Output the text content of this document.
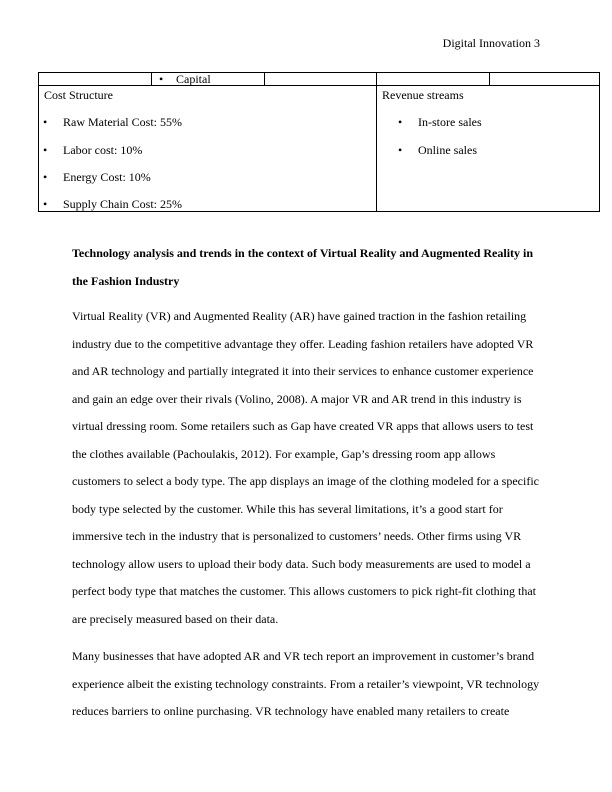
Digital Innovation 3
• Capital
Cost Structure
• Raw Material Cost: 55%
• Labor cost: 10%
• Energy Cost: 10%
• Supply Chain Cost: 25%
Revenue streams
• In-store sales
• Online sales
Technology analysis and trends in the context of Virtual Reality and Augmented Reality in the Fashion Industry
Virtual Reality (VR) and Augmented Reality (AR) have gained traction in the fashion retailing industry due to the competitive advantage they offer. Leading fashion retailers have adopted VR and AR technology and partially integrated it into their services to enhance customer experience and gain an edge over their rivals (Volino, 2008). A major VR and AR trend in this industry is virtual dressing room. Some retailers such as Gap have created VR apps that allows users to test the clothes available (Pachoulakis, 2012). For example, Gap’s dressing room app allows customers to select a body type. The app displays an image of the clothing modeled for a specific body type selected by the customer. While this has several limitations, it’s a good start for immersive tech in the industry that is personalized to customers’ needs. Other firms using VR technology allow users to upload their body data. Such body measurements are used to model a perfect body type that matches the customer. This allows customers to pick right-fit clothing that are precisely measured based on their data.
Many businesses that have adopted AR and VR tech report an improvement in customer’s brand experience albeit the existing technology constraints. From a retailer’s viewpoint, VR technology reduces barriers to online purchasing. VR technology have enabled many retailers to create
